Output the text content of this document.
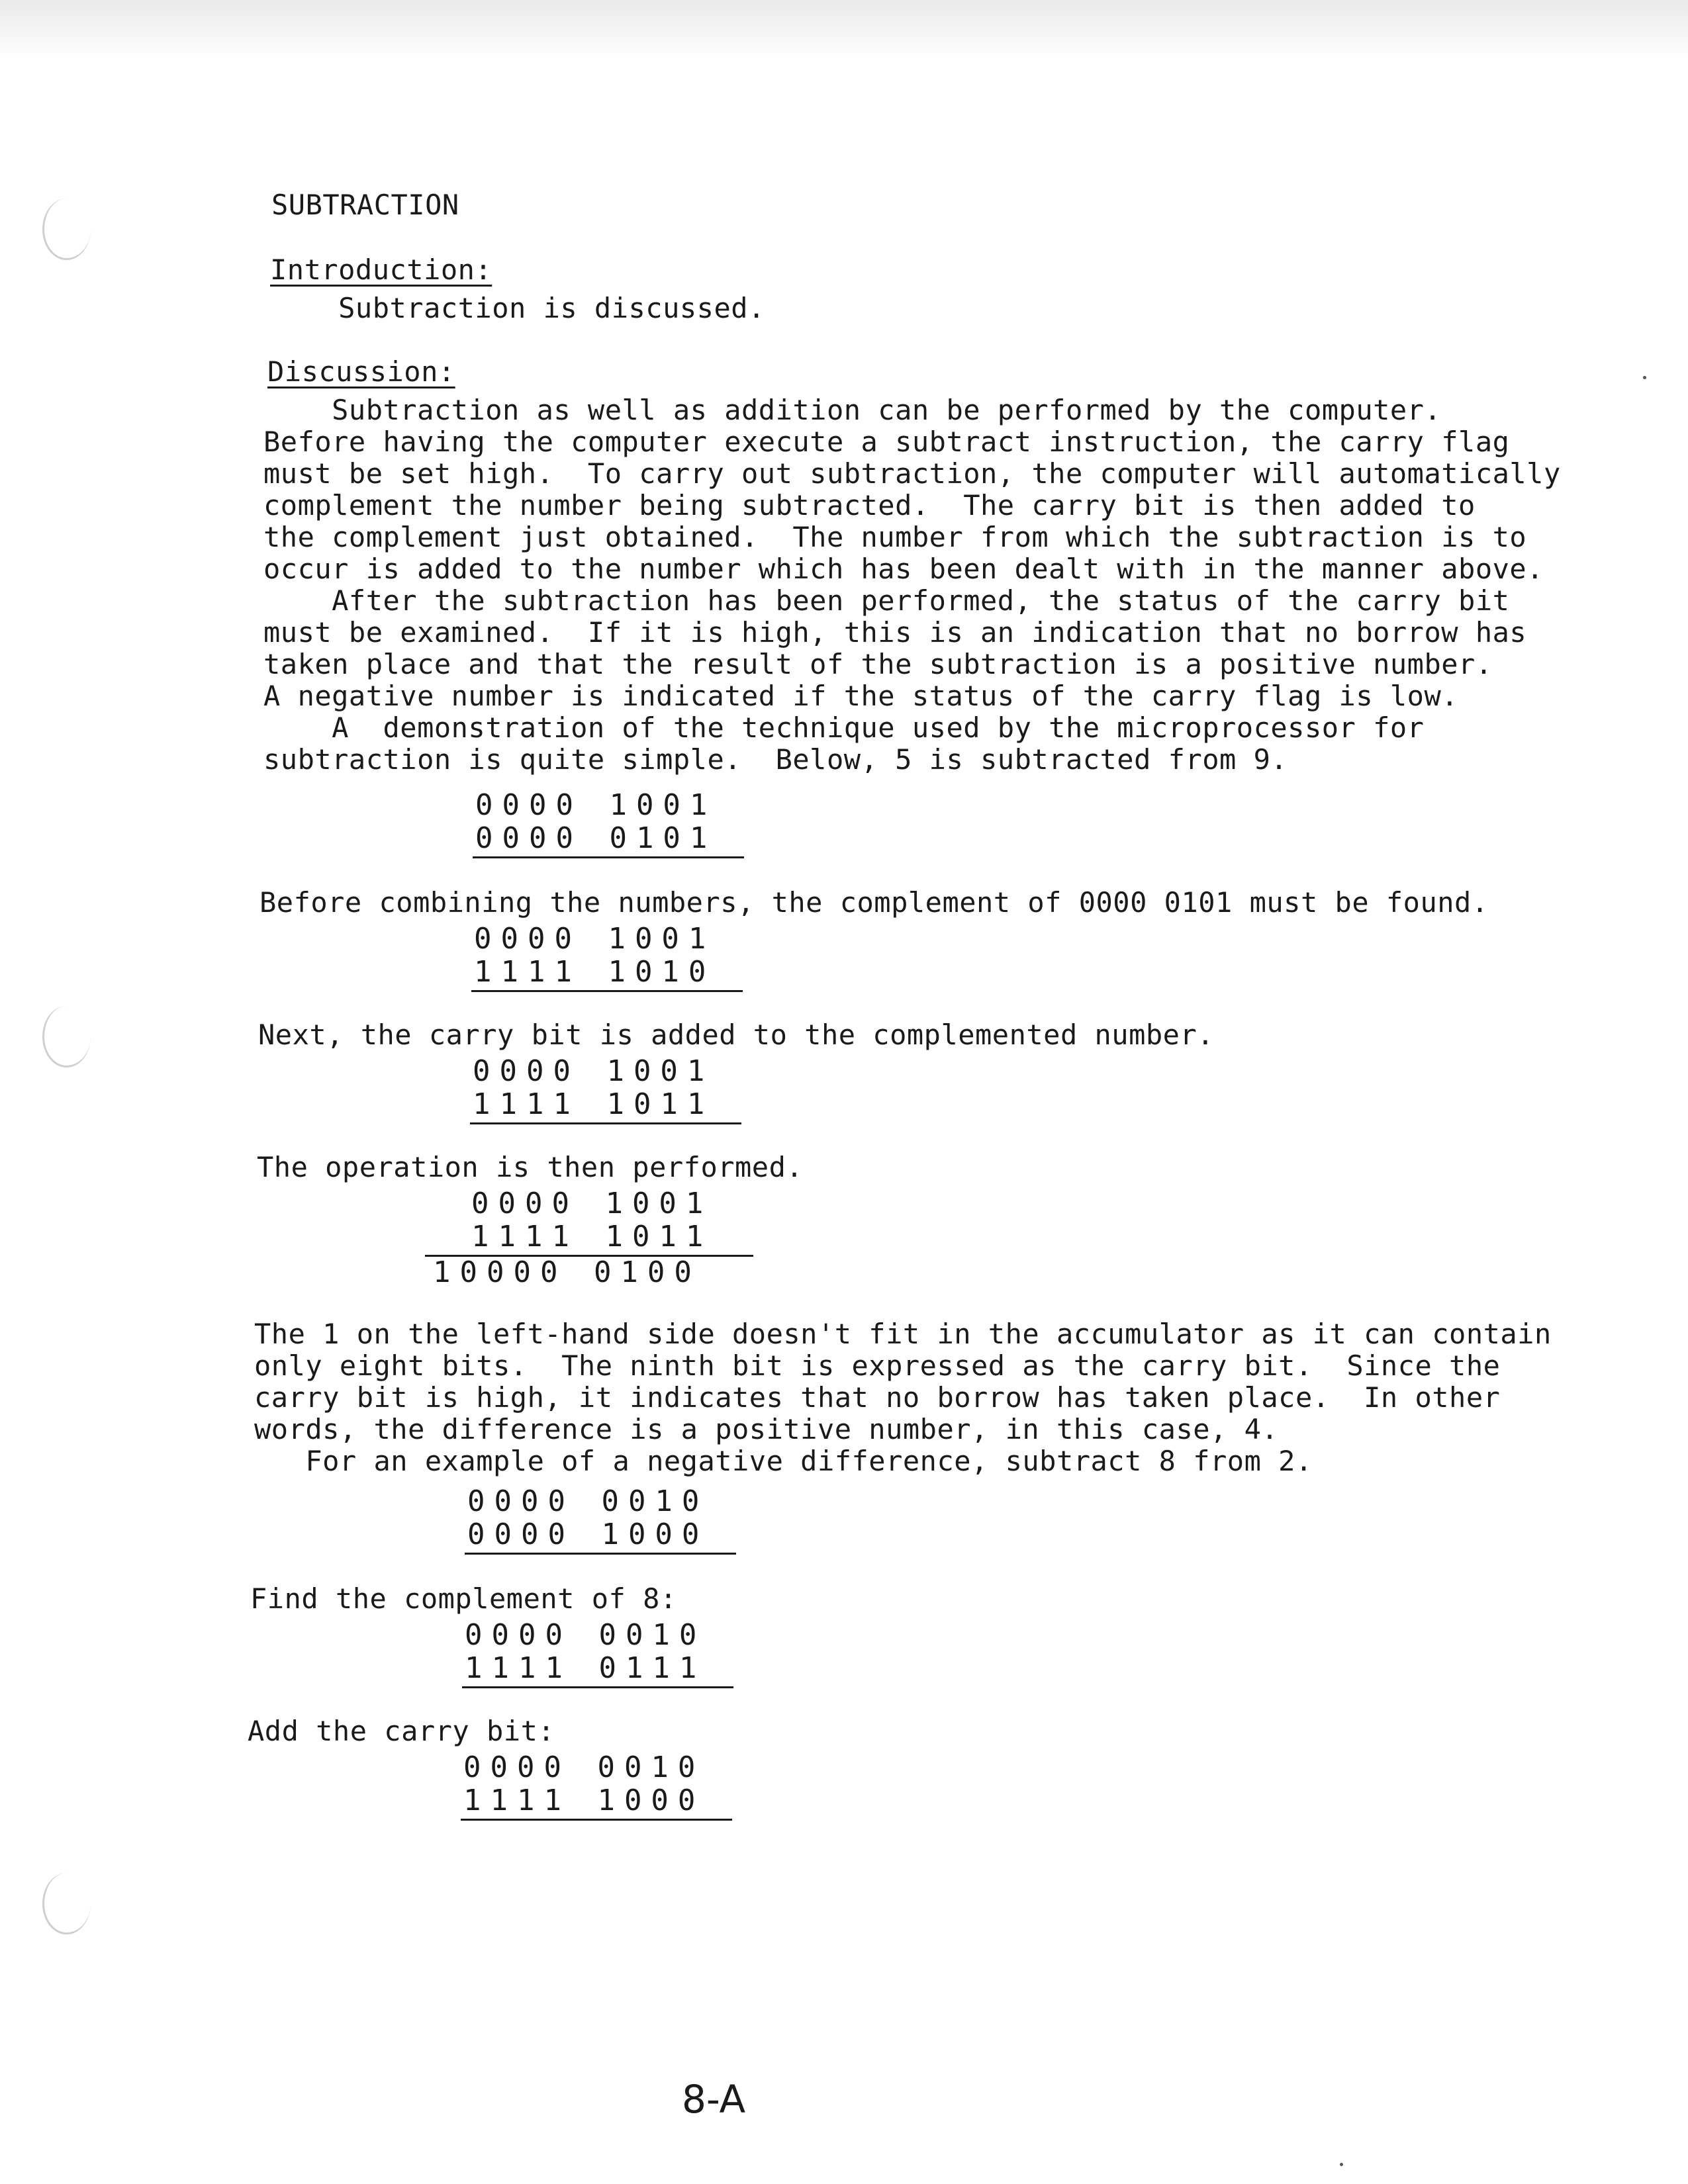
SUBTRACTION
Introduction:
Subtraction is discussed.
Discussion:
Subtraction as well as addition can be performed by the computer.
Before having the computer execute a subtract instruction, the carry flag
must be set high.  To carry out subtraction, the computer will automatically
complement the number being subtracted.  The carry bit is then added to
the complement just obtained.  The number from which the subtraction is to
occur is added to the number which has been dealt with in the manner above.
After the subtraction has been performed, the status of the carry bit
must be examined.  If it is high, this is an indication that no borrow has
taken place and that the result of the subtraction is a positive number.
A negative number is indicated if the status of the carry flag is low.
A  demonstration of the technique used by the microprocessor for
subtraction is quite simple.  Below, 5 is subtracted from 9.
0000 1001
0000 0101
Before combining the numbers, the complement of 0000 0101 must be found.
0000 1001
1111 1010
Next, the carry bit is added to the complemented number.
0000 1001
1111 1011
The operation is then performed.
0000 1001
1111 1011
10000 0100
The 1 on the left-hand side doesn't fit in the accumulator as it can contain
only eight bits.  The ninth bit is expressed as the carry bit.  Since the
carry bit is high, it indicates that no borrow has taken place.  In other
words, the difference is a positive number, in this case, 4.
For an example of a negative difference, subtract 8 from 2.
0000 0010
0000 1000
Find the complement of 8:
0000 0010
1111 0111
Add the carry bit:
0000 0010
1111 1000
8-A
